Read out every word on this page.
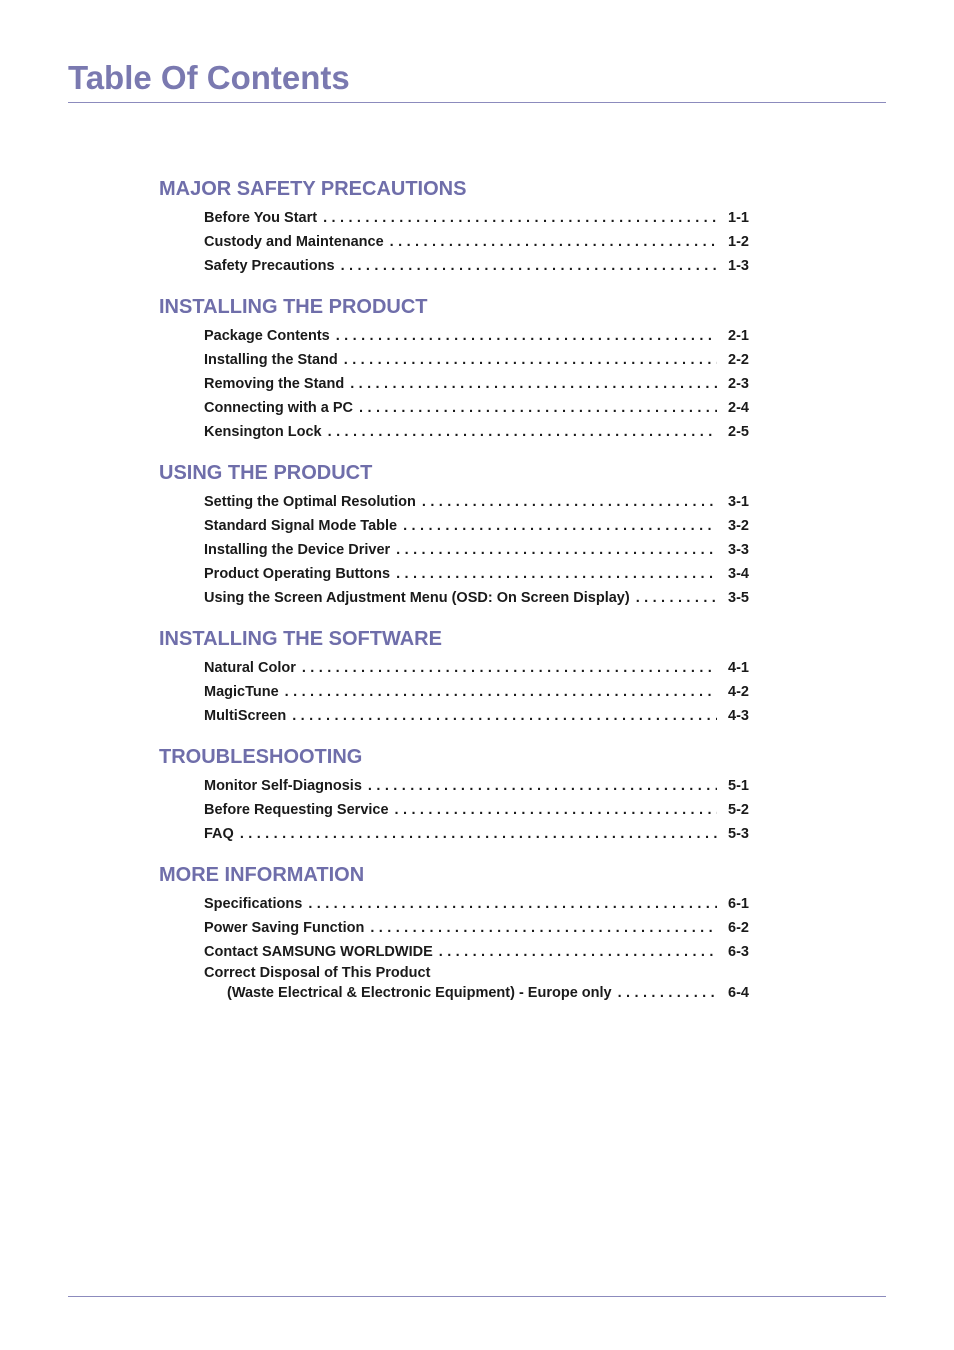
Table Of Contents
MAJOR SAFETY PRECAUTIONS
Before You Start . . .	1-1
Custody and Maintenance . . .	1-2
Safety Precautions . . .	1-3
INSTALLING THE PRODUCT
Package Contents . . .	2-1
Installing the Stand . . .	2-2
Removing the Stand . . .	2-3
Connecting with a PC . . .	2-4
Kensington Lock . . .	2-5
USING THE PRODUCT
Setting the Optimal Resolution . . .	3-1
Standard Signal Mode Table . . .	3-2
Installing the Device Driver . . .	3-3
Product Operating Buttons . . .	3-4
Using the Screen Adjustment Menu (OSD: On Screen Display) . . .	3-5
INSTALLING THE SOFTWARE
Natural Color . . .	4-1
MagicTune . . .	4-2
MultiScreen . . .	4-3
TROUBLESHOOTING
Monitor Self-Diagnosis . . .	5-1
Before Requesting Service . . .	5-2
FAQ . . .	5-3
MORE INFORMATION
Specifications . . .	6-1
Power Saving Function . . .	6-2
Contact SAMSUNG WORLDWIDE . . .	6-3
Correct Disposal of This Product
(Waste Electrical & Electronic Equipment) - Europe only . . .	6-4
